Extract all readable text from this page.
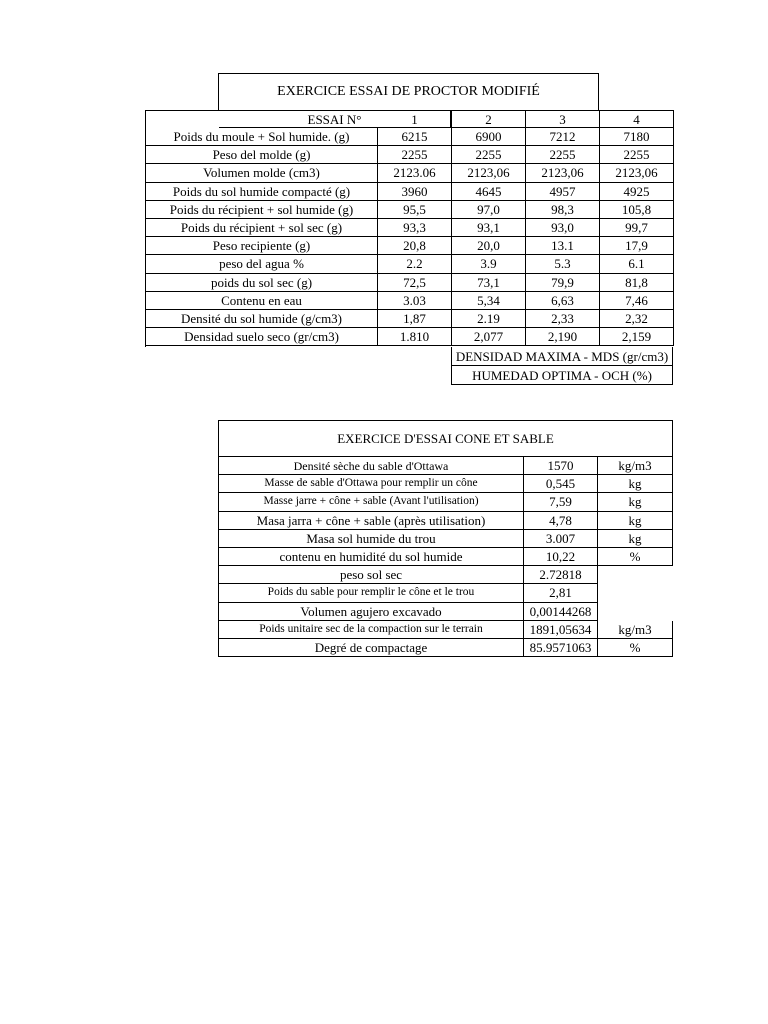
EXERCICE ESSAI DE PROCTOR MODIFIÉ
ESSAI N°	1	2	3	4
Poids du moule + Sol humide. (g)	6215	6900	7212	7180
Peso del molde (g)	2255	2255	2255	2255
Volumen molde (cm3)	2123.06	2123,06	2123,06	2123,06
Poids du sol humide compacté (g)	3960	4645	4957	4925
Poids du récipient + sol humide (g)	95,5	97,0	98,3	105,8
Poids du récipient + sol sec (g)	93,3	93,1	93,0	99,7
Peso recipiente (g)	20,8	20,0	13.1	17,9
peso del agua %	2.2	3.9	5.3	6.1
poids du sol sec (g)	72,5	73,1	79,9	81,8
Contenu en eau	3.03	5,34	6,63	7,46
Densité du sol humide (g/cm3)	1,87	2.19	2,33	2,32
Densidad suelo seco (gr/cm3)	1.810	2,077	2,190	2,159
DENSIDAD MAXIMA - MDS (gr/cm3)
HUMEDAD OPTIMA - OCH (%)
EXERCICE D'ESSAI CONE ET SABLE
Densité sèche du sable d'Ottawa	1570	kg/m3
Masse de sable d'Ottawa pour remplir un cône	0,545	kg
Masse jarre + cône + sable (Avant l'utilisation)	7,59	kg
Masa jarra + cône + sable (après utilisation)	4,78	kg
Masa sol humide du trou	3.007	kg
contenu en humidité du sol humide	10,22	%
peso sol sec	2.72818
Poids du sable pour remplir le cône et le trou	2,81
Volumen agujero excavado	0,00144268
Poids unitaire sec de la compaction sur le terrain	1891,05634	kg/m3
Degré de compactage	85.9571063	%
